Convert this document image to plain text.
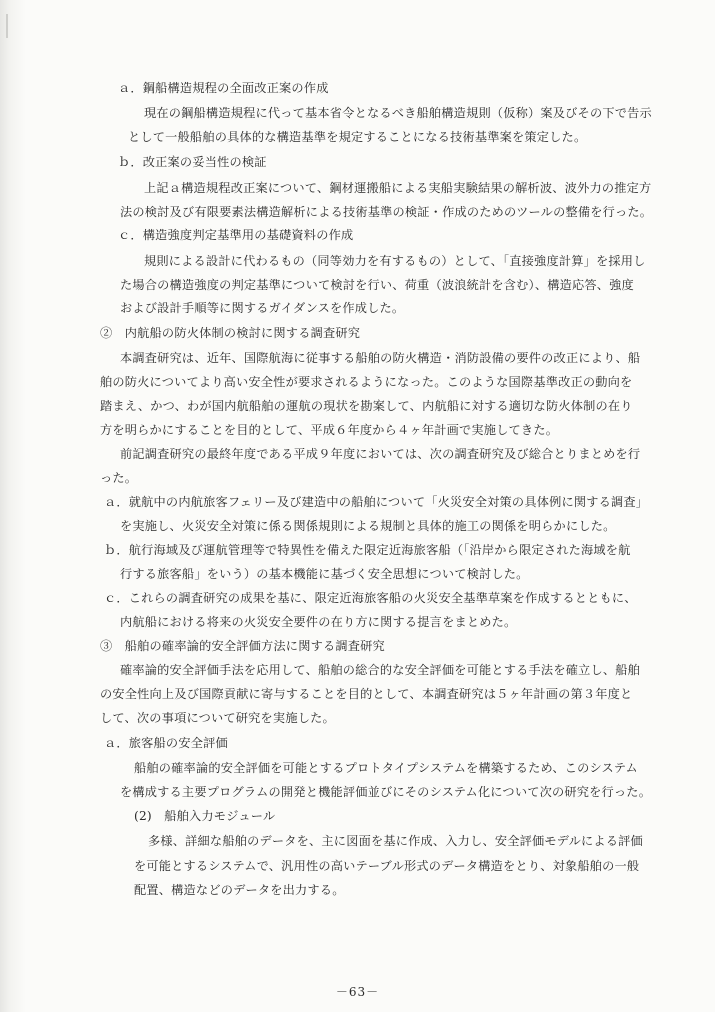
ａ．鋼船構造規程の全面改正案の作成
現在の鋼船構造規程に代って基本省令となるべき船舶構造規則（仮称）案及びその下で告示
として一般船舶の具体的な構造基準を規定することになる技術基準案を策定した。
ｂ．改正案の妥当性の検証
上記ａ構造規程改正案について、鋼材運搬船による実船実験結果の解析波、波外力の推定方
法の検討及び有限要素法構造解析による技術基準の検証・作成のためのツールの整備を行った。
ｃ．構造強度判定基準用の基礎資料の作成
規則による設計に代わるもの（同等効力を有するもの）として、「直接強度計算」を採用し
た場合の構造強度の判定基準について検討を行い、荷重（波浪統計を含む）、構造応答、強度
および設計手順等に関するガイダンスを作成した。
②　内航船の防火体制の検討に関する調査研究
本調査研究は、近年、国際航海に従事する船舶の防火構造・消防設備の要件の改正により、船
舶の防火についてより高い安全性が要求されるようになった。このような国際基準改正の動向を
踏まえ、かつ、わが国内航船舶の運航の現状を勘案して、内航船に対する適切な防火体制の在り
方を明らかにすることを目的として、平成６年度から４ヶ年計画で実施してきた。
前記調査研究の最終年度である平成９年度においては、次の調査研究及び総合とりまとめを行
った。
ａ．就航中の内航旅客フェリー及び建造中の船舶について「火災安全対策の具体例に関する調査」
を実施し、火災安全対策に係る関係規則による規制と具体的施工の関係を明らかにした。
ｂ．航行海域及び運航管理等で特異性を備えた限定近海旅客船（「沿岸から限定された海域を航
行する旅客船」をいう）の基本機能に基づく安全思想について検討した。
ｃ．これらの調査研究の成果を基に、限定近海旅客船の火災安全基準草案を作成するとともに、
内航船における将来の火災安全要件の在り方に関する提言をまとめた。
③　船舶の確率論的安全評価方法に関する調査研究
確率論的安全評価手法を応用して、船舶の総合的な安全評価を可能とする手法を確立し、船舶
の安全性向上及び国際貢献に寄与することを目的として、本調査研究は５ヶ年計画の第３年度と
して、次の事項について研究を実施した。
ａ．旅客船の安全評価
船舶の確率論的安全評価を可能とするプロトタイプシステムを構築するため、このシステム
を構成する主要プログラムの開発と機能評価並びにそのシステム化について次の研究を行った。
(2)　船舶入力モジュール
多様、詳細な船舶のデータを、主に図面を基に作成、入力し、安全評価モデルによる評価
を可能とするシステムで、汎用性の高いテーブル形式のデータ構造をとり、対象船舶の一般
配置、構造などのデータを出力する。
－63－
